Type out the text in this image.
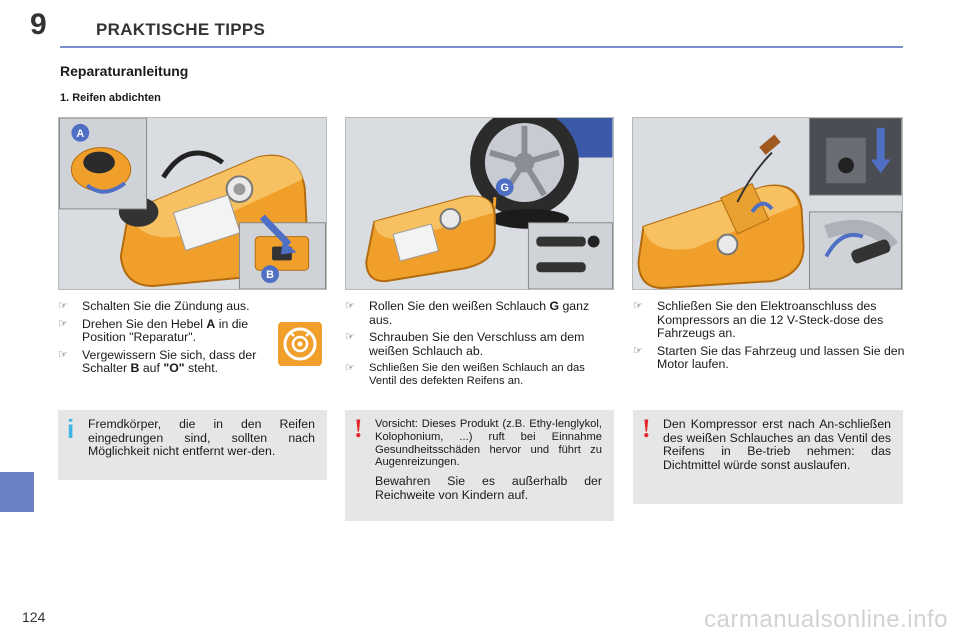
9	PRAKTISCHE TIPPS
Reparaturanleitung
1. Reifen abdichten
A
B
G
☞ Schalten Sie die Zündung aus.
☞ Drehen Sie den Hebel A in die Position "Reparatur".
☞ Vergewissern Sie sich, dass der Schalter B auf "O" steht.
☞ Rollen Sie den weißen Schlauch G ganz aus.
☞ Schrauben Sie den Verschluss am dem weißen Schlauch ab.
☞ Schließen Sie den weißen Schlauch an das Ventil des defekten Reifens an.
☞ Schließen Sie den Elektroanschluss des Kompressors an die 12 V-Steck-dose des Fahrzeugs an.
☞ Starten Sie das Fahrzeug und lassen Sie den Motor laufen.
i Fremdkörper, die in den Reifen eingedrungen sind, sollten nach Möglichkeit nicht entfernt wer-den.

! Vorsicht: Dieses Produkt (z.B. Ethy-lenglykol, Kolophonium, ...) ruft bei Einnahme Gesundheitsschäden hervor und führt zu Augenreizungen.

Bewahren Sie es außerhalb der Reichweite von Kindern auf.

! Den Kompressor erst nach An-schließen des weißen Schlauches an das Ventil des Reifens in Be-trieb nehmen: das Dichtmittel würde sonst auslaufen.

124	carmanualsonline.info
